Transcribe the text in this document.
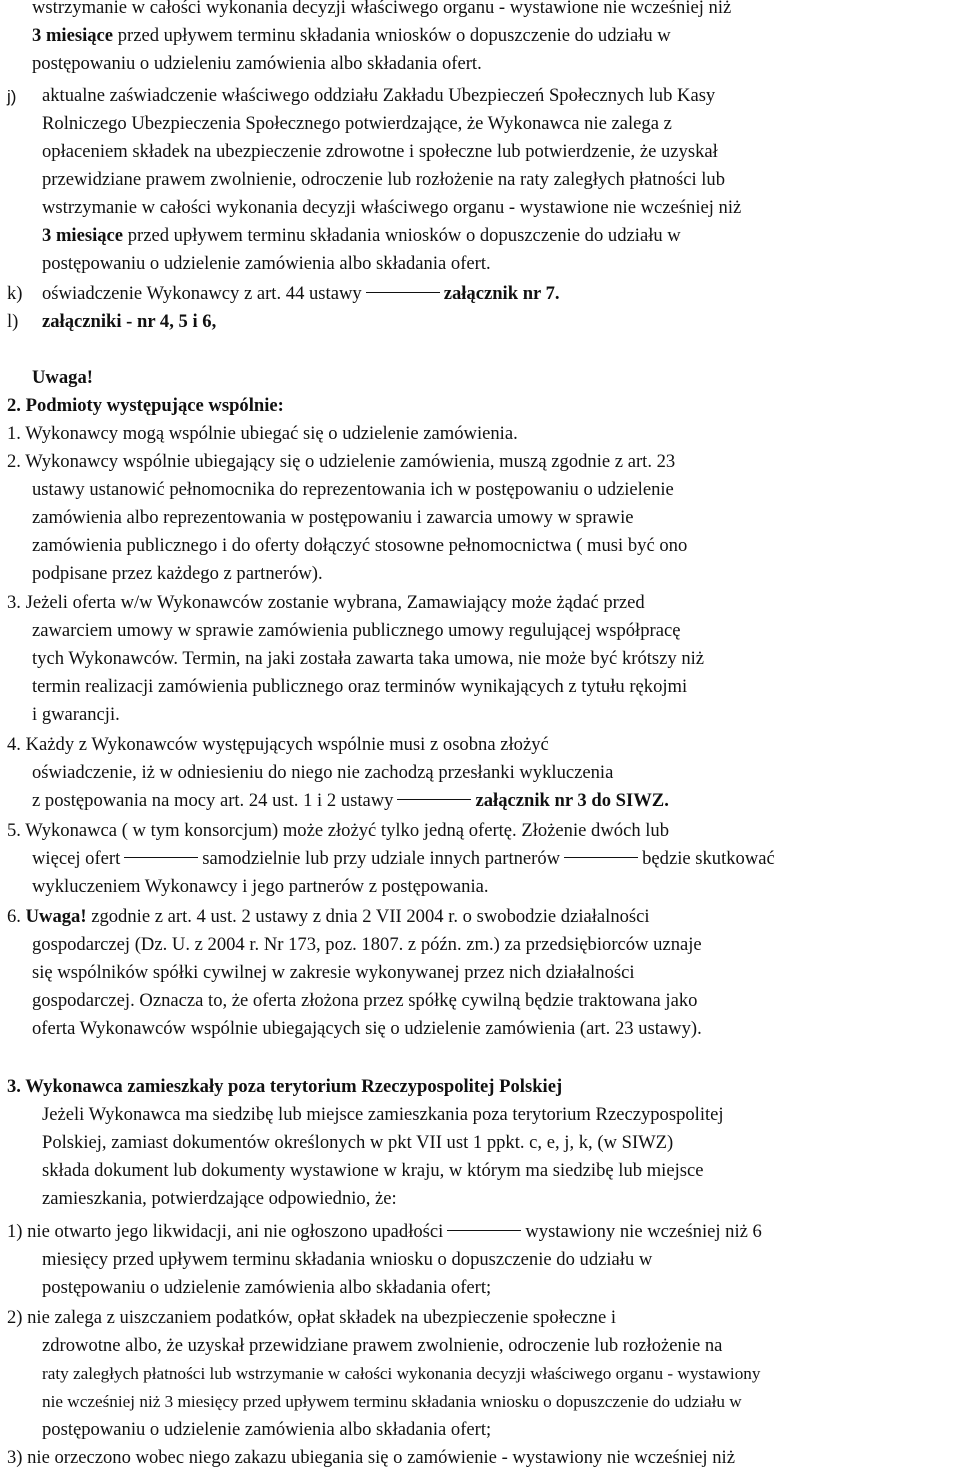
wstrzymanie w całości wykonania decyzji właściwego organu - wystawione nie wcześniej niż
3 miesiące przed upływem terminu składania wniosków o dopuszczenie do udziału w
postępowaniu o udzieleniu zamówienia albo składania ofert.
j) aktualne zaświadczenie właściwego oddziału Zakładu Ubezpieczeń Społecznych lub Kasy
Rolniczego Ubezpieczenia Społecznego potwierdzające, że Wykonawca nie zalega z
opłaceniem składek na ubezpieczenie zdrowotne i społeczne lub potwierdzenie, że uzyskał
przewidziane prawem zwolnienie, odroczenie lub rozłożenie na raty zaległych płatności lub
wstrzymanie w całości wykonania decyzji właściwego organu - wystawione nie wcześniej niż
3 miesiące przed upływem terminu składania wniosków o dopuszczenie do udziału w
postępowaniu o udzielenie zamówienia albo składania ofert.
k) oświadczenie Wykonawcy z art. 44 ustawy	załącznik nr 7.
l) załączniki - nr 4, 5 i 6,
Uwaga!
2. Podmioty występujące wspólnie:
1. Wykonawcy mogą wspólnie ubiegać się o udzielenie zamówienia.
2. Wykonawcy wspólnie ubiegający się o udzielenie zamówienia, muszą zgodnie z art. 23
ustawy ustanowić pełnomocnika do reprezentowania ich w postępowaniu o udzielenie
zamówienia albo reprezentowania w postępowaniu i zawarcia umowy w sprawie
zamówienia publicznego i do oferty dołączyć stosowne pełnomocnictwa ( musi być ono
podpisane przez każdego z partnerów).
3. Jeżeli oferta w/w Wykonawców zostanie wybrana, Zamawiający może żądać przed
zawarciem umowy w sprawie zamówienia publicznego umowy regulującej współpracę
tych Wykonawców. Termin, na jaki została zawarta taka umowa, nie może być krótszy niż
termin realizacji zamówienia publicznego oraz terminów wynikających z tytułu rękojmi
i gwarancji.
4. Każdy z Wykonawców występujących wspólnie musi z osobna złożyć
oświadczenie, iż w odniesieniu do niego nie zachodzą przesłanki wykluczenia
z postępowania na mocy art. 24 ust. 1 i 2 ustawy	załącznik nr 3 do SIWZ.
5. Wykonawca ( w tym konsorcjum) może złożyć tylko jedną ofertę. Złożenie dwóch lub
więcej ofert	samodzielnie lub przy udziale innych partnerów	będzie skutkować
wykluczeniem Wykonawcy i jego partnerów z postępowania.
6. Uwaga! zgodnie z art. 4 ust. 2 ustawy z dnia 2 VII 2004 r. o swobodzie działalności
gospodarczej (Dz. U. z 2004 r. Nr 173, poz. 1807. z późn. zm.) za przedsiębiorców uznaje
się wspólników spółki cywilnej w zakresie wykonywanej przez nich działalności
gospodarczej. Oznacza to, że oferta złożona przez spółkę cywilną będzie traktowana jako
oferta Wykonawców wspólnie ubiegających się o udzielenie zamówienia (art. 23 ustawy).
3. Wykonawca zamieszkały poza terytorium Rzeczypospolitej Polskiej
Jeżeli Wykonawca ma siedzibę lub miejsce zamieszkania poza terytorium Rzeczypospolitej
Polskiej, zamiast dokumentów określonych w pkt VII ust 1 ppkt. c, e, j, k, (w SIWZ)
składa dokument lub dokumenty wystawione w kraju, w którym ma siedzibę lub miejsce
zamieszkania, potwierdzające odpowiednio, że:
1) nie otwarto jego likwidacji, ani nie ogłoszono upadłości	wystawiony nie wcześniej niż 6
miesięcy przed upływem terminu składania wniosku o dopuszczenie do udziału w
postępowaniu o udzielenie zamówienia albo składania ofert;
2) nie zalega z uiszczaniem podatków, opłat składek na ubezpieczenie społeczne i
zdrowotne albo, że uzyskał przewidziane prawem zwolnienie, odroczenie lub rozłożenie na
raty zaległych płatności lub wstrzymanie w całości wykonania decyzji właściwego organu - wystawiony
nie wcześniej niż 3 miesięcy przed upływem terminu składania wniosku o dopuszczenie do udziału w
postępowaniu o udzielenie zamówienia albo składania ofert;
3) nie orzeczono wobec niego zakazu ubiegania się o zamówienie - wystawiony nie wcześniej niż
